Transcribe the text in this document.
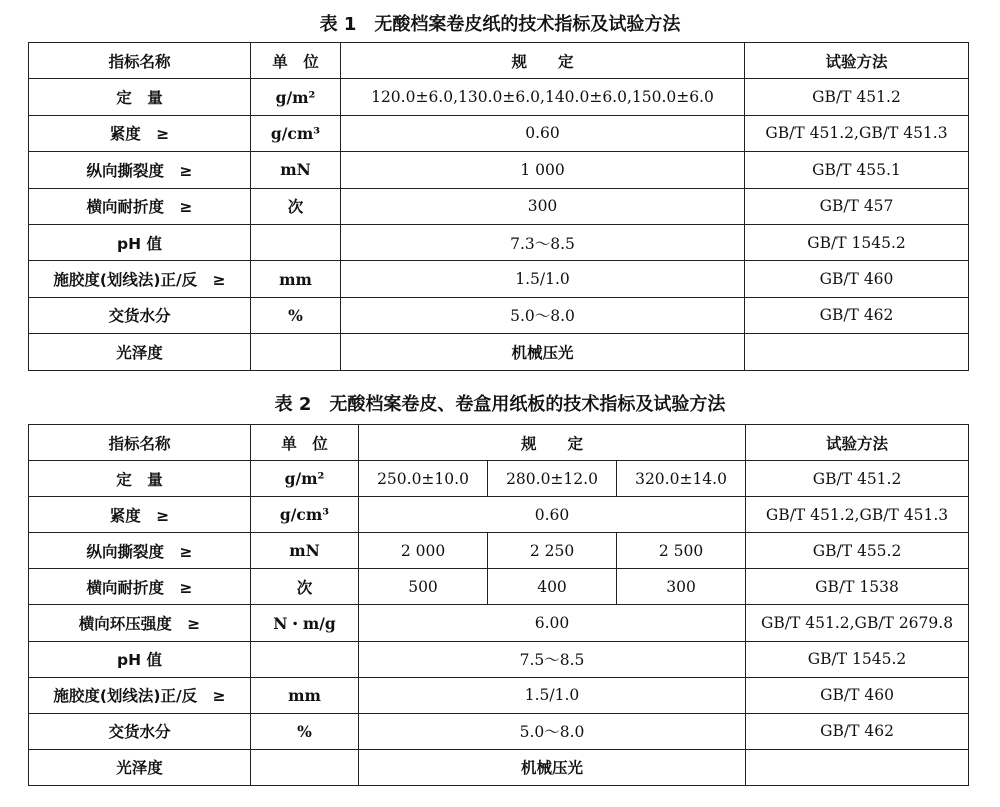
表 1　无酸档案卷皮纸的技术指标及试验方法
指标名称	单　位	规　　定	试验方法
定　量	g/m²	120.0±6.0,130.0±6.0,140.0±6.0,150.0±6.0	GB/T 451.2
紧度　≥	g/cm³	0.60	GB/T 451.2,GB/T 451.3
纵向撕裂度　≥	mN	1 000	GB/T 455.1
横向耐折度　≥	次	300	GB/T 457
pH 值		7.3～8.5	GB/T 1545.2
施胶度(划线法)正/反　≥	mm	1.5/1.0	GB/T 460
交货水分	%	5.0～8.0	GB/T 462
光泽度		机械压光	
表 2　无酸档案卷皮、卷盒用纸板的技术指标及试验方法
指标名称	单　位	规　　定			试验方法
定　量	g/m²	250.0±10.0	280.0±12.0	320.0±14.0	GB/T 451.2
紧度　≥	g/cm³	0.60			GB/T 451.2,GB/T 451.3
纵向撕裂度　≥	mN	2 000	2 250	2 500	GB/T 455.2
横向耐折度　≥	次	500	400	300	GB/T 1538
横向环压强度　≥	N・m/g	6.00			GB/T 451.2,GB/T 2679.8
pH 值		7.5～8.5			GB/T 1545.2
施胶度(划线法)正/反　≥	mm	1.5/1.0			GB/T 460
交货水分	%	5.0～8.0			GB/T 462
光泽度		机械压光			
